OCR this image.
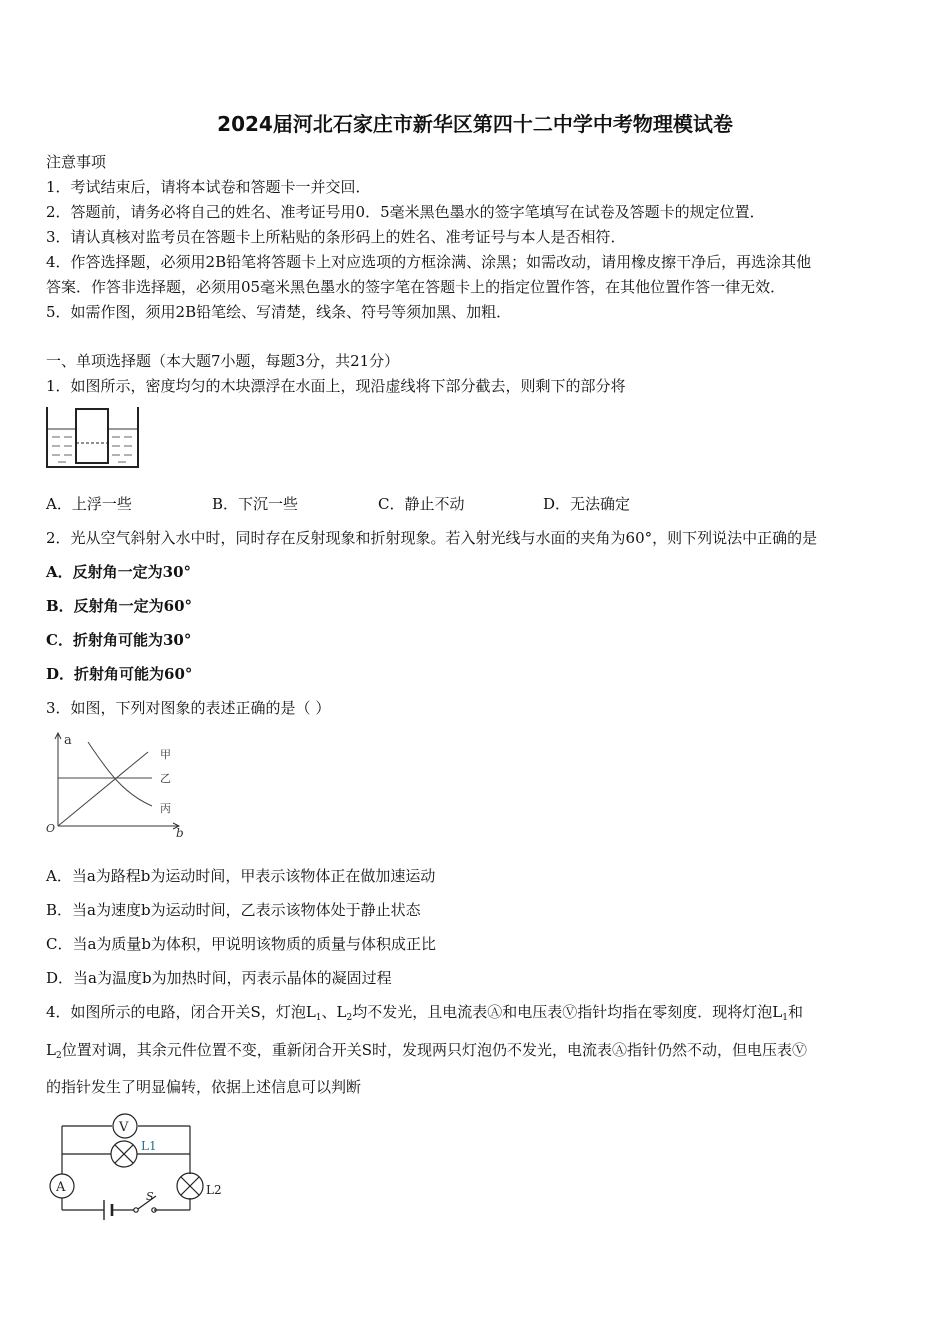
2024届河北石家庄市新华区第四十二中学中考物理模试卷
注意事项
1．考试结束后，请将本试卷和答题卡一并交回．
2．答题前，请务必将自己的姓名、准考证号用0．5毫米黑色墨水的签字笔填写在试卷及答题卡的规定位置．
3．请认真核对监考员在答题卡上所粘贴的条形码上的姓名、准考证号与本人是否相符．
4．作答选择题，必须用2B铅笔将答题卡上对应选项的方框涂满、涂黑；如需改动，请用橡皮擦干净后，再选涂其他
答案．作答非选择题，必须用05毫米黑色墨水的签字笔在答题卡上的指定位置作答，在其他位置作答一律无效．
5．如需作图，须用2B铅笔绘、写清楚，线条、符号等须加黑、加粗．
一、单项选择题（本大题7小题，每题3分，共21分）
1．如图所示，密度均匀的木块漂浮在水面上，现沿虚线将下部分截去，则剩下的部分将
A．上浮一些	B．下沉一些	C．静止不动	D．无法确定
2．光从空气斜射入水中时，同时存在反射现象和折射现象。若入射光线与水面的夹角为60°，则下列说法中正确的是
A．反射角一定为30°
B．反射角一定为60°
C．折射角可能为30°
D．折射角可能为60°
3．如图，下列对图象的表述正确的是（ ）
a
b
O
甲
乙
丙
A．当a为路程b为运动时间，甲表示该物体正在做加速运动
B．当a为速度b为运动时间，乙表示该物体处于静止状态
C．当a为质量b为体积，甲说明该物质的质量与体积成正比
D．当a为温度b为加热时间，丙表示晶体的凝固过程
4．如图所示的电路，闭合开关S，灯泡$L_1$、$L_2$均不发光，且电流表Ⓐ和电压表Ⓥ指针均指在零刻度．现将灯泡$L_1$和
$L_2$位置对调，其余元件位置不变，重新闭合开关S时，发现两只灯泡仍不发光，电流表Ⓐ指针仍然不动，但电压表Ⓥ
的指针发生了明显偏转，依据上述信息可以判断
V
A
L1
L2
S
